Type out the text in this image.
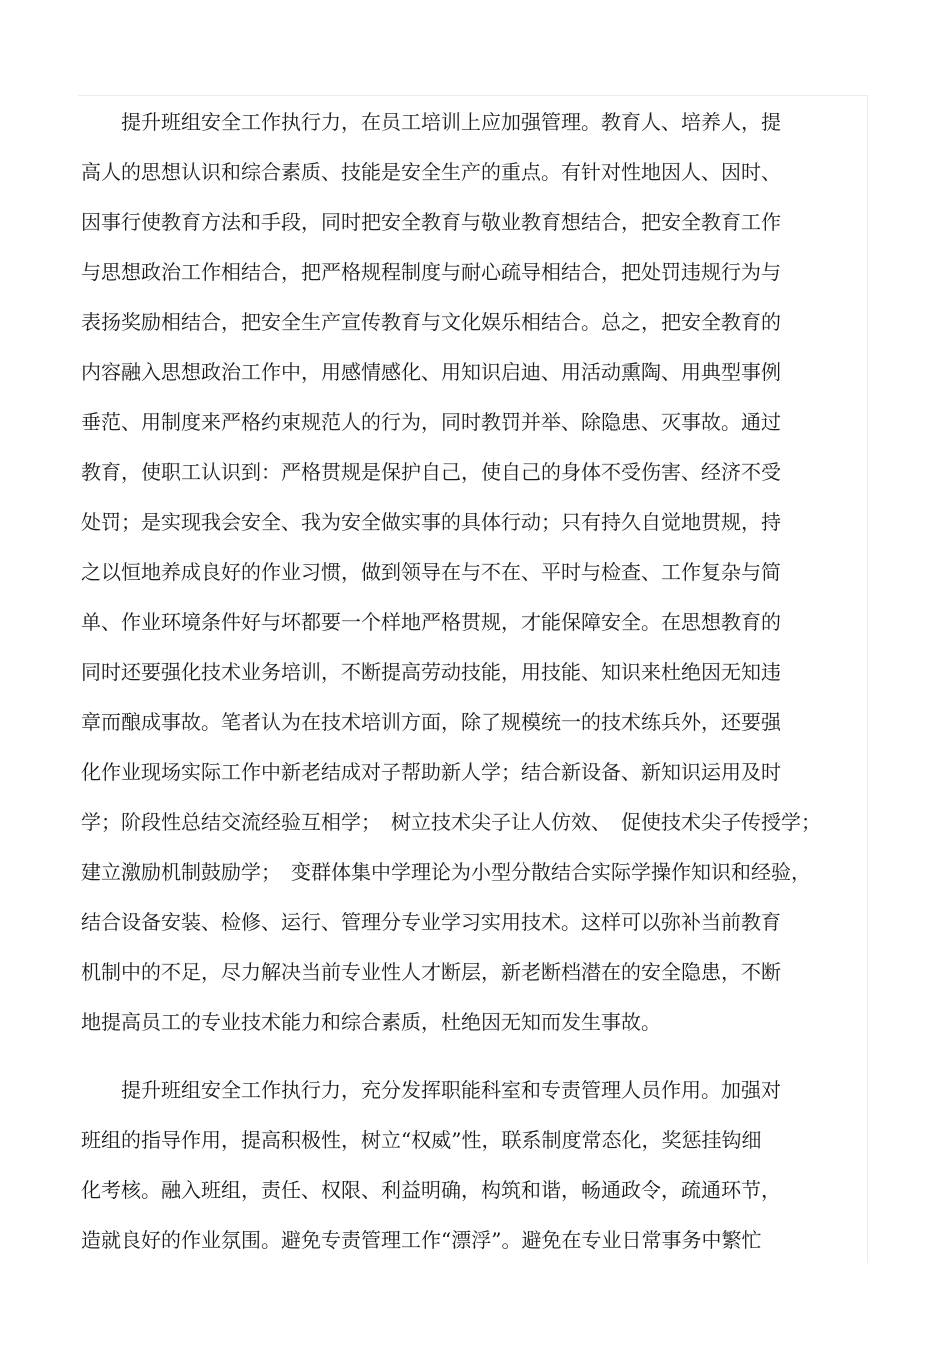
提升班组安全工作执行力，在员工培训上应加强管理。教育人、培养人，提
高人的思想认识和综合素质、技能是安全生产的重点。有针对性地因人、因时、
因事行使教育方法和手段，同时把安全教育与敬业教育想结合，把安全教育工作
与思想政治工作相结合，把严格规程制度与耐心疏导相结合，把处罚违规行为与
表扬奖励相结合，把安全生产宣传教育与文化娱乐相结合。总之，把安全教育的
内容融入思想政治工作中，用感情感化、用知识启迪、用活动熏陶、用典型事例
垂范、用制度来严格约束规范人的行为，同时教罚并举、除隐患、灭事故。通过
教育，使职工认识到：严格贯规是保护自己，使自己的身体不受伤害、经济不受
处罚；是实现我会安全、我为安全做实事的具体行动；只有持久自觉地贯规，持
之以恒地养成良好的作业习惯，做到领导在与不在、平时与检查、工作复杂与简
单、作业环境条件好与坏都要一个样地严格贯规，才能保障安全。在思想教育的
同时还要强化技术业务培训，不断提高劳动技能，用技能、知识来杜绝因无知违
章而酿成事故。笔者认为在技术培训方面，除了规模统一的技术练兵外，还要强
化作业现场实际工作中新老结成对子帮助新人学；结合新设备、新知识运用及时
学；阶段性总结交流经验互相学；　树立技术尖子让人仿效、　促使技术尖子传授学；
建立激励机制鼓励学；　变群体集中学理论为小型分散结合实际学操作知识和经验，
结合设备安装、检修、运行、管理分专业学习实用技术。这样可以弥补当前教育
机制中的不足，尽力解决当前专业性人才断层，新老断档潜在的安全隐患，不断
地提高员工的专业技术能力和综合素质，杜绝因无知而发生事故。
提升班组安全工作执行力，充分发挥职能科室和专责管理人员作用。加强对
班组的指导作用，提高积极性，树立“权威”性，联系制度常态化，奖惩挂钩细
化考核。融入班组，责任、权限、利益明确，构筑和谐，畅通政令，疏通环节，
造就良好的作业氛围。避免专责管理工作“漂浮”。避免在专业日常事务中繁忙
